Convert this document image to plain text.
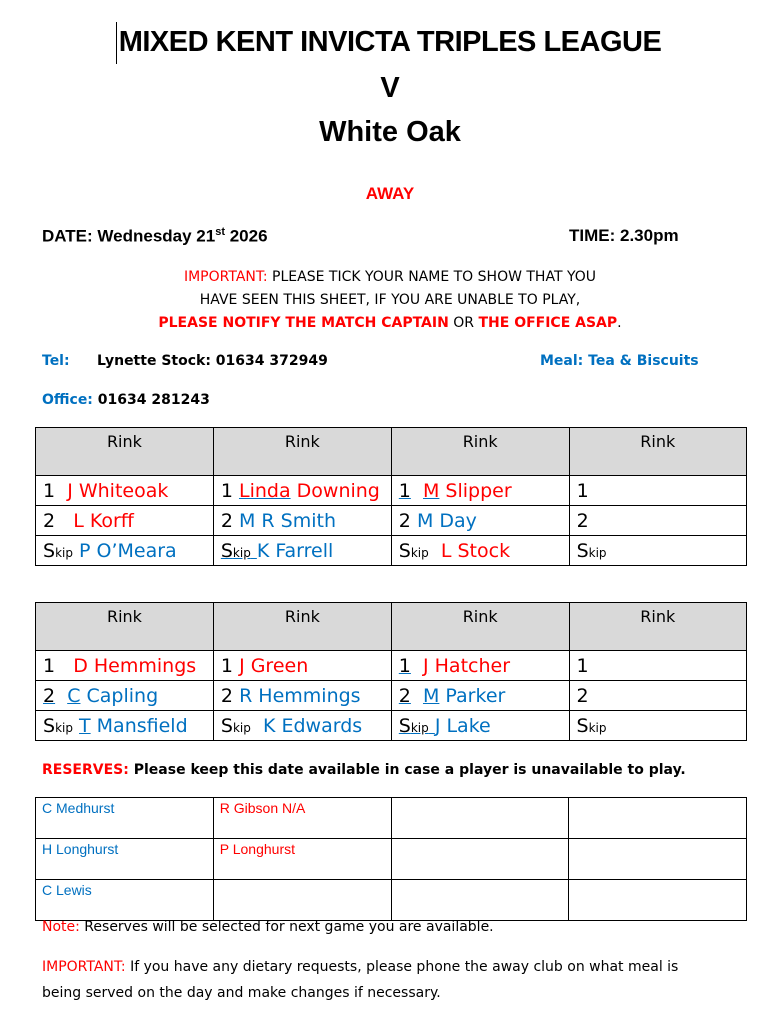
MIXED KENT INVICTA TRIPLES LEAGUE
V
White Oak
AWAY
DATE: Wednesday 21st 2026	TIME: 2.30pm
IMPORTANT: PLEASE TICK YOUR NAME TO SHOW THAT YOU
HAVE SEEN THIS SHEET, IF YOU ARE UNABLE TO PLAY,
PLEASE NOTIFY THE MATCH CAPTAIN OR THE OFFICE ASAP.
Tel: Lynette Stock: 01634 372949	Meal: Tea & Biscuits
Office: 01634 281243
Rink	Rink	Rink	Rink
1 J Whiteoak	1 Linda Downing	1 M Slipper	1
2 L Korff	2 M R Smith	2 M Day	2
Skip P O’Meara	Skip K Farrell	Skip L Stock	Skip
Rink	Rink	Rink	Rink
1 D Hemmings	1 J Green	1 J Hatcher	1
2 C Capling	2 R Hemmings	2 M Parker	2
Skip T Mansfield	Skip K Edwards	Skip J Lake	Skip
RESERVES: Please keep this date available in case a player is unavailable to play.
C Medhurst	R Gibson N/A		
H Longhurst	P Longhurst		
C Lewis			
Note: Reserves will be selected for next game you are available.
IMPORTANT: If you have any dietary requests, please phone the away club on what meal is
being served on the day and make changes if necessary.
